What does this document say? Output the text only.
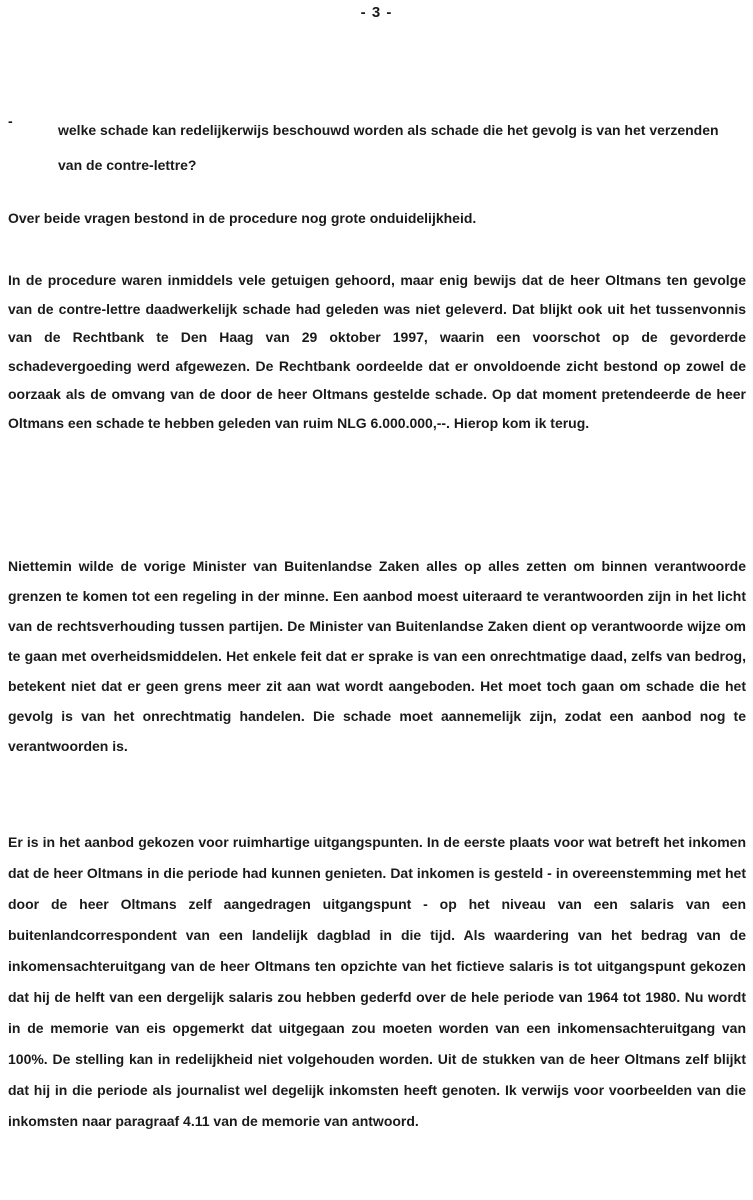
- 3 -
-
welke schade kan redelijkerwijs beschouwd worden als schade die het gevolg is van het verzenden van de contre-lettre?
Over beide vragen bestond in de procedure nog grote onduidelijkheid.
In de procedure waren inmiddels vele getuigen gehoord, maar enig bewijs dat de heer Oltmans ten gevolge van de contre-lettre daadwerkelijk schade had geleden was niet geleverd. Dat blijkt ook uit het tussenvonnis van de Rechtbank te Den Haag van 29 oktober 1997, waarin een voorschot op de gevorderde schadevergoeding werd afgewezen. De Rechtbank oordeelde dat er onvoldoende zicht bestond op zowel de oorzaak als de omvang van de door de heer Oltmans gestelde schade. Op dat moment pretendeerde de heer Oltmans een schade te hebben geleden van ruim NLG 6.000.000,--. Hierop kom ik terug.
Niettemin wilde de vorige Minister van Buitenlandse Zaken alles op alles zetten om binnen verantwoorde grenzen te komen tot een regeling in der minne. Een aanbod moest uiteraard te verantwoorden zijn in het licht van de rechtsverhouding tussen partijen. De Minister van Buitenlandse Zaken dient op verantwoorde wijze om te gaan met overheidsmiddelen. Het enkele feit dat er sprake is van een onrechtmatige daad, zelfs van bedrog, betekent niet dat er geen grens meer zit aan wat wordt aangeboden. Het moet toch gaan om schade die het gevolg is van het onrechtmatig handelen. Die schade moet aannemelijk zijn, zodat een aanbod nog te verantwoorden is.
Er is in het aanbod gekozen voor ruimhartige uitgangspunten. In de eerste plaats voor wat betreft het inkomen dat de heer Oltmans in die periode had kunnen genieten. Dat inkomen is gesteld - in overeenstemming met het door de heer Oltmans zelf aangedragen uitgangspunt - op het niveau van een salaris van een buitenlandcorrespondent van een landelijk dagblad in die tijd. Als waardering van het bedrag van de inkomensachteruitgang van de heer Oltmans ten opzichte van het fictieve salaris is tot uitgangspunt gekozen dat hij de helft van een dergelijk salaris zou hebben gederfd over de hele periode van 1964 tot 1980. Nu wordt in de memorie van eis opgemerkt dat uitgegaan zou moeten worden van een inkomensachteruitgang van 100%. De stelling kan in redelijkheid niet volgehouden worden. Uit de stukken van de heer Oltmans zelf blijkt dat hij in die periode als journalist wel degelijk inkomsten heeft genoten. Ik verwijs voor voorbeelden van die inkomsten naar paragraaf 4.11 van de memorie van antwoord.
